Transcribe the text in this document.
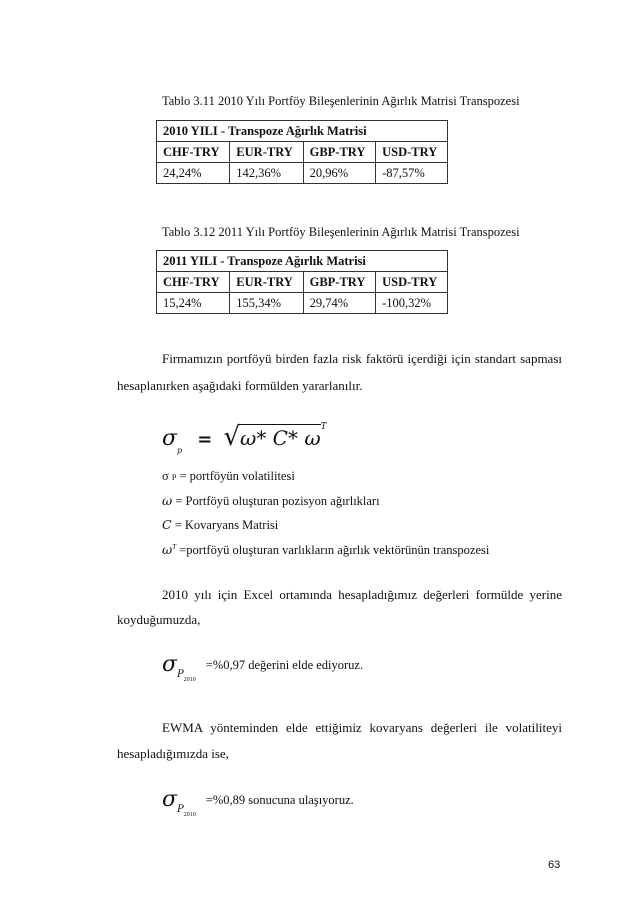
Tablo 3.11 2010 Yılı Portföy Bileşenlerinin Ağırlık Matrisi Transpozesi
2010 YILI - Transpoze Ağırlık Matrisi			
CHF-TRY	EUR-TRY	GBP-TRY	USD-TRY
24,24%	142,36%	20,96%	-87,57%
Tablo 3.12 2011 Yılı Portföy Bileşenlerinin Ağırlık Matrisi Transpozesi
2011 YILI - Transpoze Ağırlık Matrisi			
CHF-TRY	EUR-TRY	GBP-TRY	USD-TRY
15,24%	155,34%	29,74%	-100,32%
Firmamızın portföyü birden fazla risk faktörü içerdiği için standart sapması
hesaplanırken aşağıdaki formülden yararlanılır.
$\sigma_p = √\omega*$ C* $\omega^T$
σ P = portföyün volatilitesi
ω = Portföyü oluşturan pozisyon ağırlıkları
C = Kovaryans Matrisi
$\omega^T$ =portföyü oluşturan varlıkların ağırlık vektörünün transpozesi
2010 yılı için Excel ortamında hesapladığımız değerleri formülde yerine
koyduğumuzda,
$\sigma_{P2010}=\%0,97$ değerini elde ediyoruz.
EWMA yönteminden elde ettiğimiz kovaryans değerleri ile volatiliteyi
hesapladığımızda ise,
$\sigma_{P2010}=\%0,89$ sonucuna ulaşıyoruz.
63
